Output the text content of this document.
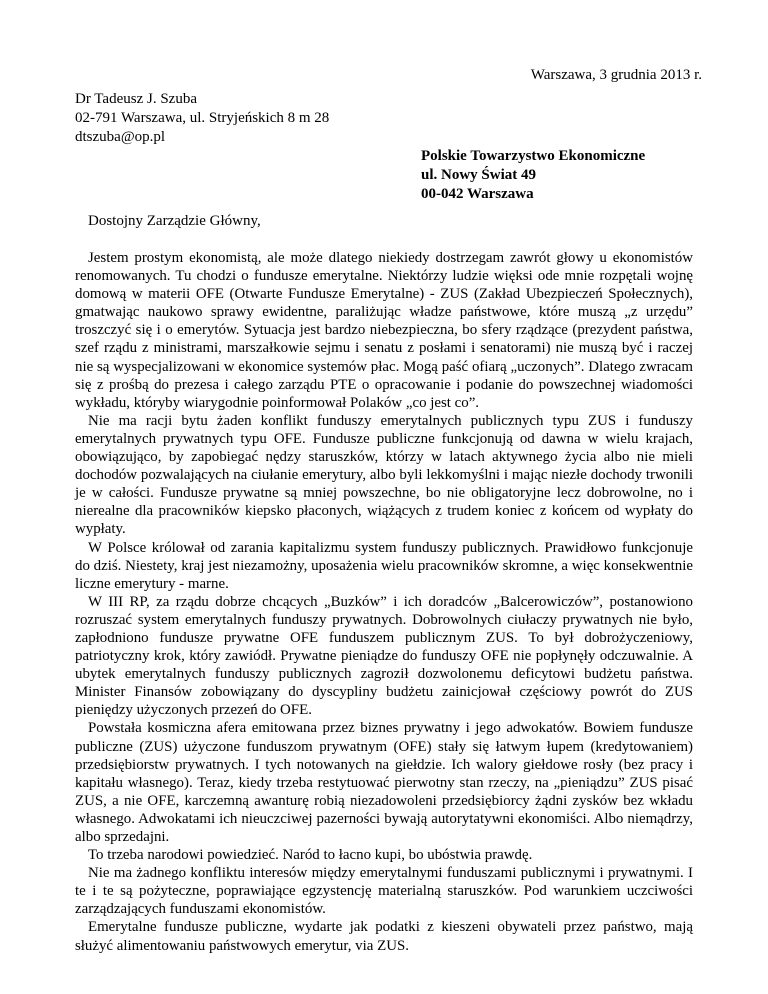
Warszawa, 3 grudnia 2013 r.
Dr Tadeusz J. Szuba
02-791 Warszawa, ul. Stryjeńskich 8 m 28
dtszuba@op.pl
Polskie Towarzystwo Ekonomiczne
ul. Nowy Świat 49
00-042 Warszawa
Dostojny Zarządzie Główny,

Jestem prostym ekonomistą, ale może dlatego niekiedy dostrzegam zawrót głowy u ekonomistów renomowanych. Tu chodzi o fundusze emerytalne. Niektórzy ludzie więksi ode mnie rozpętali wojnę domową w materii OFE (Otwarte Fundusze Emerytalne) - ZUS (Zakład Ubezpieczeń Społecznych), gmatwając naukowo sprawy ewidentne, paraliżując władze państwowe, które muszą „z urzędu” troszczyć się i o emerytów. Sytuacja jest bardzo niebezpieczna, bo sfery rządzące (prezydent państwa, szef rządu z ministrami, marszałkowie sejmu i senatu z posłami i senatorami) nie muszą być i raczej nie są wyspecjalizowani w ekonomice systemów płac. Mogą paść ofiarą „uczonych”. Dlatego zwracam się z prośbą do prezesa i całego zarządu PTE o opracowanie i podanie do powszechnej wiadomości wykładu, któryby wiarygodnie poinformował Polaków „co jest co”.

Nie ma racji bytu żaden konflikt funduszy emerytalnych publicznych typu ZUS i funduszy emerytalnych prywatnych typu OFE. Fundusze publiczne funkcjonują od dawna w wielu krajach, obowiązująco, by zapobiegać nędzy staruszków, którzy w latach aktywnego życia albo nie mieli dochodów pozwalających na ciułanie emerytury, albo byli lekkomyślni i mając niezłe dochody trwonili je w całości. Fundusze prywatne są mniej powszechne, bo nie obligatoryjne lecz dobrowolne, no i nierealne dla pracowników kiepsko płaconych, wiążących z trudem koniec z końcem od wypłaty do wypłaty.

W Polsce królował od zarania kapitalizmu system funduszy publicznych. Prawidłowo funkcjonuje do dziś. Niestety, kraj jest niezamożny, uposażenia wielu pracowników skromne, a więc konsekwentnie liczne emerytury - marne.

W III RP, za rządu dobrze chcących „Buzków” i ich doradców „Balcerowiczów”, postanowiono rozruszać system emerytalnych funduszy prywatnych. Dobrowolnych ciułaczy prywatnych nie było, zapłodniono fundusze prywatne OFE funduszem publicznym ZUS. To był dobrożyczeniowy, patriotyczny krok, który zawiódł. Prywatne pieniądze do funduszy OFE nie popłynęły odczuwalnie. A ubytek emerytalnych funduszy publicznych zagroził dozwolonemu deficytowi budżetu państwa. Minister Finansów zobowiązany do dyscypliny budżetu zainicjował częściowy powrót do ZUS pieniędzy użyczonych przezeń do OFE.

Powstała kosmiczna afera emitowana przez biznes prywatny i jego adwokatów. Bowiem fundusze publiczne (ZUS) użyczone funduszom prywatnym (OFE) stały się łatwym łupem (kredytowaniem) przedsiębiorstw prywatnych. I tych notowanych na giełdzie. Ich walory giełdowe rosły (bez pracy i kapitału własnego). Teraz, kiedy trzeba restytuować pierwotny stan rzeczy, na „pieniądzu” ZUS pisać ZUS, a nie OFE, karczemną awanturę robią niezadowoleni przedsiębiorcy żądni zysków bez wkładu własnego. Adwokatami ich nieuczciwej pazerności bywają autorytatywni ekonomiści. Albo niemądrzy, albo sprzedajni.

To trzeba narodowi powiedzieć. Naród to łacno kupi, bo ubóstwia prawdę.

Nie ma żadnego konfliktu interesów między emerytalnymi funduszami publicznymi i prywatnymi. I te i te są pożyteczne, poprawiające egzystencję materialną staruszków. Pod warunkiem uczciwości zarządzających funduszami ekonomistów.

Emerytalne fundusze publiczne, wydarte jak podatki z kieszeni obywateli przez państwo, mają służyć alimentowaniu państwowych emerytur, via ZUS.
